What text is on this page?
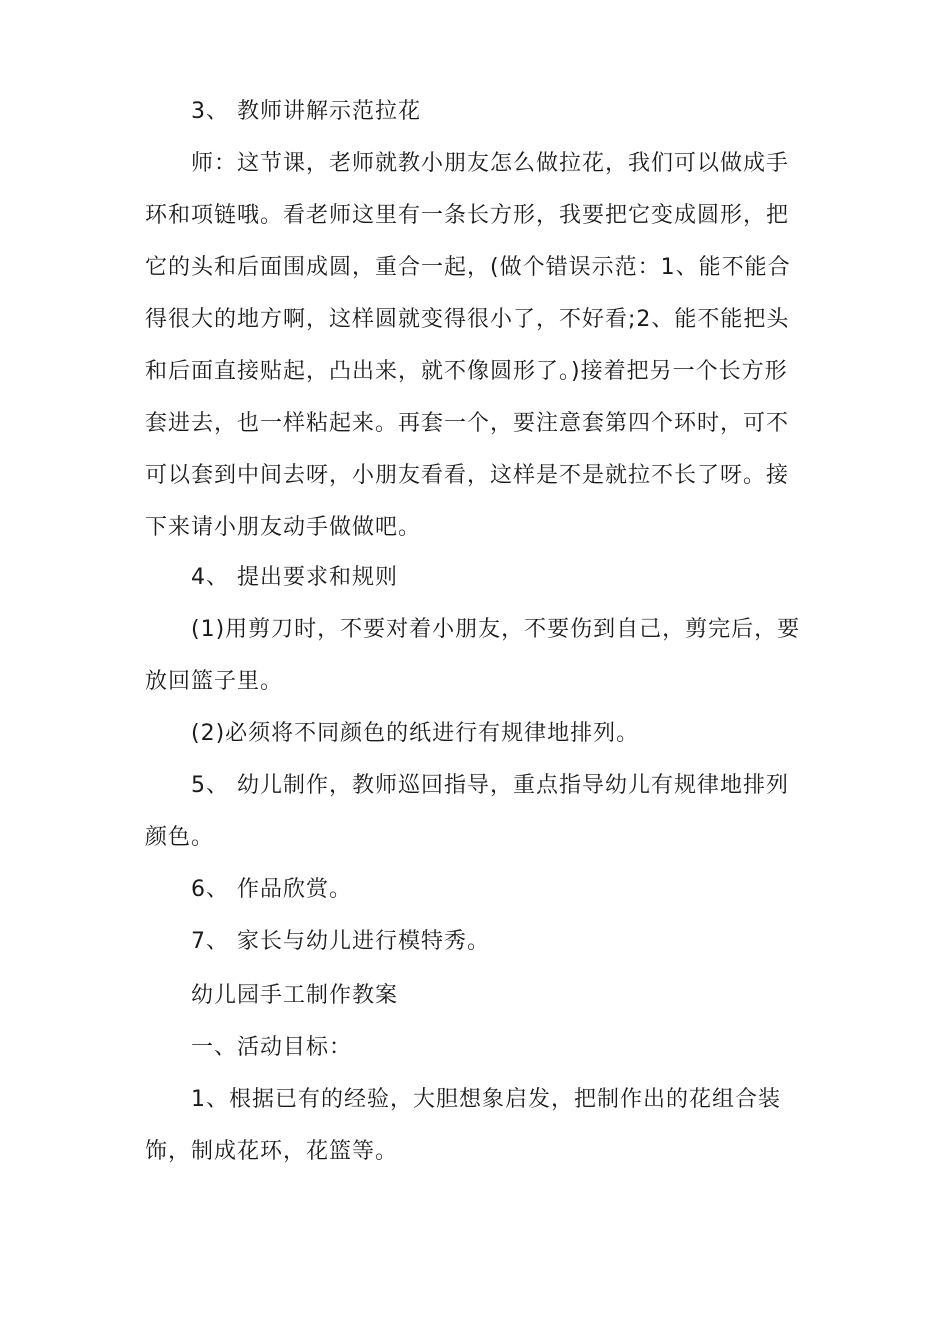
3、 教师讲解示范拉花
师：这节课，老师就教小朋友怎么做拉花，我们可以做成手
环和项链哦。看老师这里有一条长方形，我要把它变成圆形，把
它的头和后面围成圆，重合一起，(做个错误示范：1、能不能合
得很大的地方啊，这样圆就变得很小了，不好看;2、能不能把头
和后面直接贴起，凸出来，就不像圆形了。)接着把另一个长方形
套进去，也一样粘起来。再套一个，要注意套第四个环时，可不
可以套到中间去呀，小朋友看看，这样是不是就拉不长了呀。接
下来请小朋友动手做做吧。
4、 提出要求和规则
(1)用剪刀时，不要对着小朋友，不要伤到自己，剪完后，要
放回篮子里。
(2)必须将不同颜色的纸进行有规律地排列。
5、 幼儿制作，教师巡回指导，重点指导幼儿有规律地排列
颜色。
6、 作品欣赏。
7、 家长与幼儿进行模特秀。
幼儿园手工制作教案
一、活动目标：
1、根据已有的经验，大胆想象启发，把制作出的花组合装
饰，制成花环，花篮等。
